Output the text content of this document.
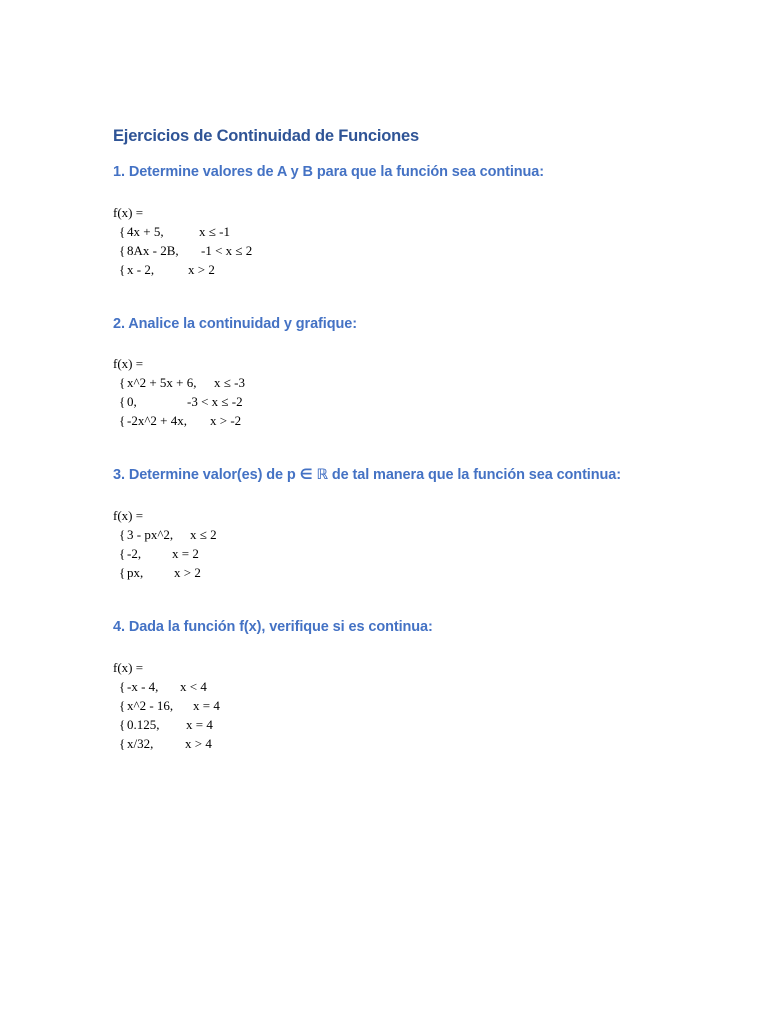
Ejercicios de Continuidad de Funciones
1. Determine valores de A y B para que la función sea continua:
f(x) =
{ 4x + 5,	x ≤ -1
{ 8Ax - 2B, -1 < x ≤ 2
{ x - 2,	x > 2
2. Analice la continuidad y grafique:
f(x) =
{ x^2 + 5x + 6, x ≤ -3
{ 0,	-3 < x ≤ -2
{ -2x^2 + 4x, x > -2
3. Determine valor(es) de p ∈ ℝ de tal manera que la función sea continua:
f(x) =
{ 3 - px^2, x ≤ 2
{ -2, x = 2
{ px, x > 2
4. Dada la función f(x), verifique si es continua:
f(x) =
{ -x - 4, x < 4
{ x^2 - 16, x = 4
{ 0.125, x = 4
{ x/32, x > 4
